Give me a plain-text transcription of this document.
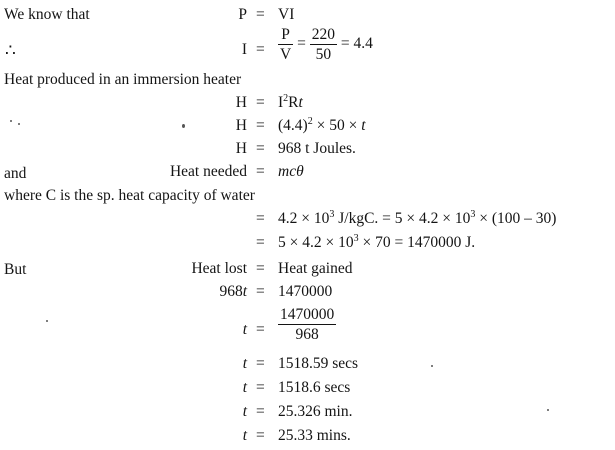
We know that	P = VI
∴	$I = \frac{P}{V} = \frac{220}{50} = 4.4$
Heat produced in an immersion heater
$H = I^2Rt$
$H = (4.4)^2 \times 50 \times t$
H = 968 t Joules.
and	Heat needed = mcθ
where C is the sp. heat capacity of water
= $4.2 \times 10^3$ J/kgC. = $5 \times 4.2 \times 10^3 \times (100 - 30)$
= $5 \times 4.2 \times 10^3 \times 70 = 1470000$ J.
But	Heat lost = Heat gained
968t = 1470000
$t = \frac{1470000}{968}$
t = 1518.59 secs
t = 1518.6 secs
t = 25.326 min.
t = 25.33 mins.
